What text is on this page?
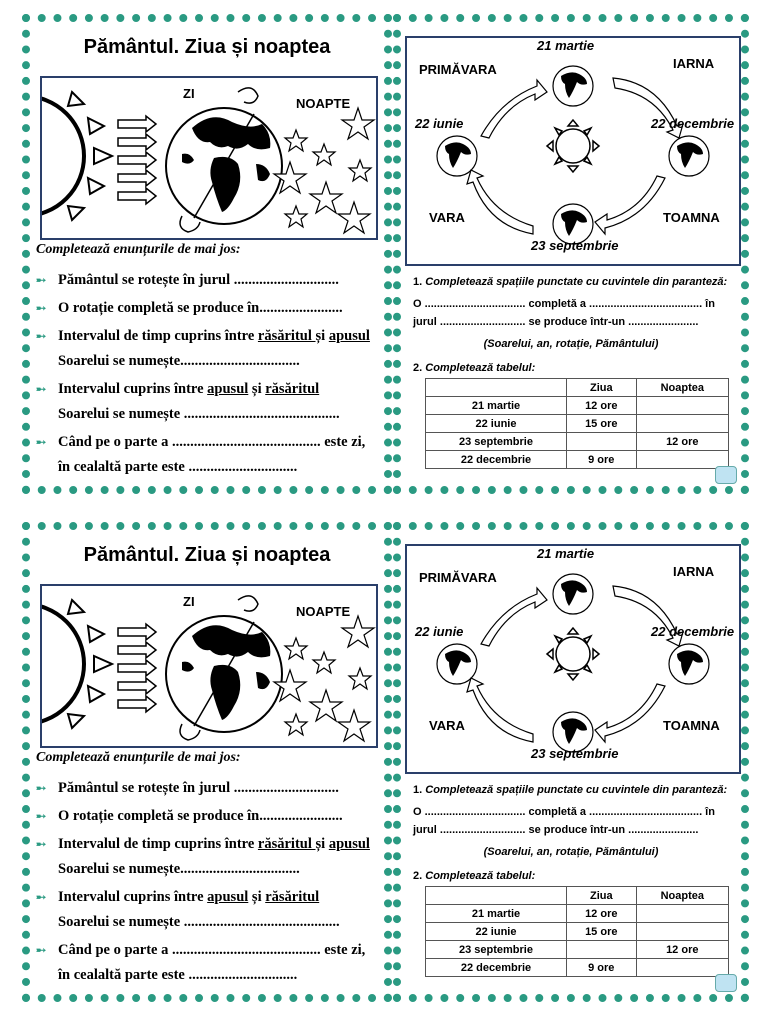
Pământul. Ziua și noaptea
ZI
NOAPTE
Completează enunțurile de mai jos:
➸ Pământul se rotește în jurul .............................
➸ O rotație completă se produce în.......................
➸ Intervalul de timp cuprins între răsăritul și apusul Soarelui se numește.................................
➸ Intervalul cuprins între apusul și răsăritul Soarelui se numește ...........................................
➸ Când pe o parte a ......................................... este zi, în cealaltă parte este ..............................
21 martie
PRIMĂVARA	IARNA
22 iunie	22 decembrie
VARA	TOAMNA
23 septembrie
1. Completează spațiile punctate cu cuvintele din paranteză:
O ................................. completă a ..................................... în
jurul ............................ se produce într-un .......................
(Soarelui, an, rotație, Pământului)
2. Completează tabelul:
	Ziua	Noaptea
21 martie	12 ore	
22 iunie	15 ore	
23 septembrie		12 ore
22 decembrie	9 ore	
Pământul. Ziua și noaptea
ZI
NOAPTE
Completează enunțurile de mai jos:
➸ Pământul se rotește în jurul .............................
➸ O rotație completă se produce în.......................
➸ Intervalul de timp cuprins între răsăritul și apusul Soarelui se numește.................................
➸ Intervalul cuprins între apusul și răsăritul Soarelui se numește ...........................................
➸ Când pe o parte a ......................................... este zi, în cealaltă parte este ..............................
21 martie
PRIMĂVARA	IARNA
22 iunie	22 decembrie
VARA	TOAMNA
23 septembrie
1. Completează spațiile punctate cu cuvintele din paranteză:
O ................................. completă a ..................................... în
jurul ............................ se produce într-un .......................
(Soarelui, an, rotație, Pământului)
2. Completează tabelul:
	Ziua	Noaptea
21 martie	12 ore	
22 iunie	15 ore	
23 septembrie		12 ore
22 decembrie	9 ore	
